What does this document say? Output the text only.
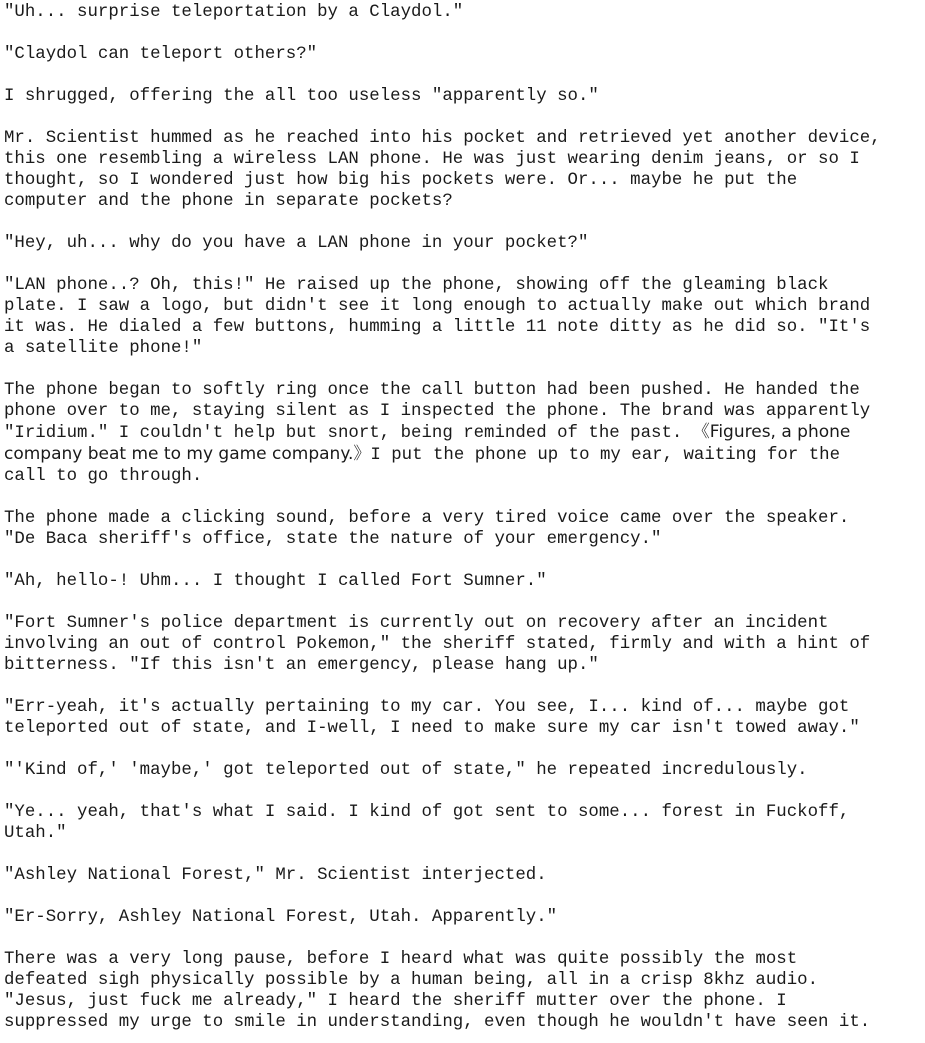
"Uh... surprise teleportation by a Claydol."

"Claydol can teleport others?"

I shrugged, offering the all too useless "apparently so."

Mr. Scientist hummed as he reached into his pocket and retrieved yet another device,
this one resembling a wireless LAN phone. He was just wearing denim jeans, or so I
thought, so I wondered just how big his pockets were. Or... maybe he put the
computer and the phone in separate pockets?

"Hey, uh... why do you have a LAN phone in your pocket?"

"LAN phone..? Oh, this!" He raised up the phone, showing off the gleaming black
plate. I saw a logo, but didn't see it long enough to actually make out which brand
it was. He dialed a few buttons, humming a little 11 note ditty as he did so. "It's
a satellite phone!"

The phone began to softly ring once the call button had been pushed. He handed the
phone over to me, staying silent as I inspected the phone. The brand was apparently
"Iridium." I couldn't help but snort, being reminded of the past. 《Figures, a phone
company beat me to my game company.》I put the phone up to my ear, waiting for the
call to go through.

The phone made a clicking sound, before a very tired voice came over the speaker.
"De Baca sheriff's office, state the nature of your emergency."

"Ah, hello-! Uhm... I thought I called Fort Sumner."

"Fort Sumner's police department is currently out on recovery after an incident
involving an out of control Pokemon," the sheriff stated, firmly and with a hint of
bitterness. "If this isn't an emergency, please hang up."

"Err-yeah, it's actually pertaining to my car. You see, I... kind of... maybe got
teleported out of state, and I-well, I need to make sure my car isn't towed away."

"'Kind of,' 'maybe,' got teleported out of state," he repeated incredulously.

"Ye... yeah, that's what I said. I kind of got sent to some... forest in Fuckoff,
Utah."

"Ashley National Forest," Mr. Scientist interjected.

"Er-Sorry, Ashley National Forest, Utah. Apparently."

There was a very long pause, before I heard what was quite possibly the most
defeated sigh physically possible by a human being, all in a crisp 8khz audio.
"Jesus, just fuck me already," I heard the sheriff mutter over the phone. I
suppressed my urge to smile in understanding, even though he wouldn't have seen it.
